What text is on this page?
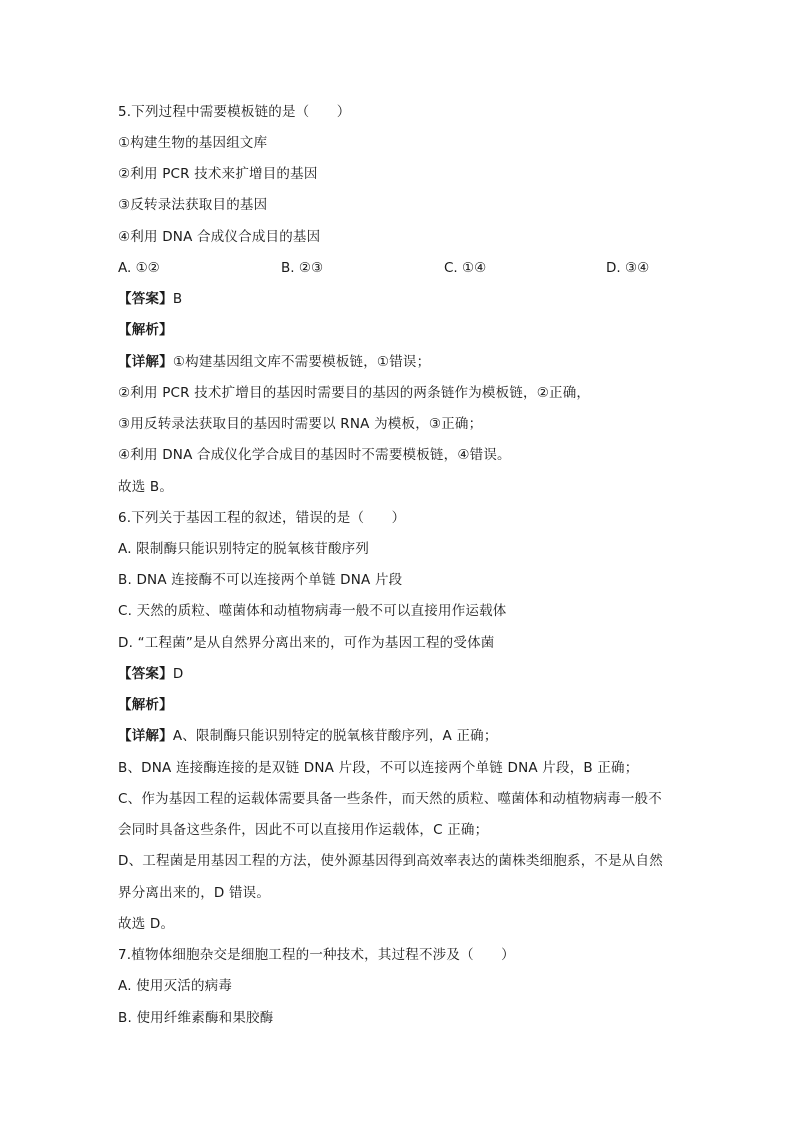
5.下列过程中需要模板链的是（　　）
①构建生物的基因组文库
②利用 PCR 技术来扩增目的基因
③反转录法获取目的基因
④利用 DNA 合成仪合成目的基因
A. ①②	B. ②③	C. ①④	D. ③④
【答案】B
【解析】
【详解】①构建基因组文库不需要模板链，①错误；
②利用 PCR 技术扩增目的基因时需要目的基因的两条链作为模板链，②正确，
③用反转录法获取目的基因时需要以 RNA 为模板，③正确；
④利用 DNA 合成仪化学合成目的基因时不需要模板链，④错误。
故选 B。
6.下列关于基因工程的叙述，错误的是（　　）
A. 限制酶只能识别特定的脱氧核苷酸序列
B. DNA 连接酶不可以连接两个单链 DNA 片段
C. 天然的质粒、噬菌体和动植物病毒一般不可以直接用作运载体
D. “工程菌”是从自然界分离出来的，可作为基因工程的受体菌
【答案】D
【解析】
【详解】A、限制酶只能识别特定的脱氧核苷酸序列，A 正确；
B、DNA 连接酶连接的是双链 DNA 片段，不可以连接两个单链 DNA 片段，B 正确；
C、作为基因工程的运载体需要具备一些条件，而天然的质粒、噬菌体和动植物病毒一般不
会同时具备这些条件，因此不可以直接用作运载体，C 正确；
D、工程菌是用基因工程的方法，使外源基因得到高效率表达的菌株类细胞系，不是从自然
界分离出来的，D 错误。
故选 D。
7.植物体细胞杂交是细胞工程的一种技术，其过程不涉及（　　）
A. 使用灭活的病毒
B. 使用纤维素酶和果胶酶
